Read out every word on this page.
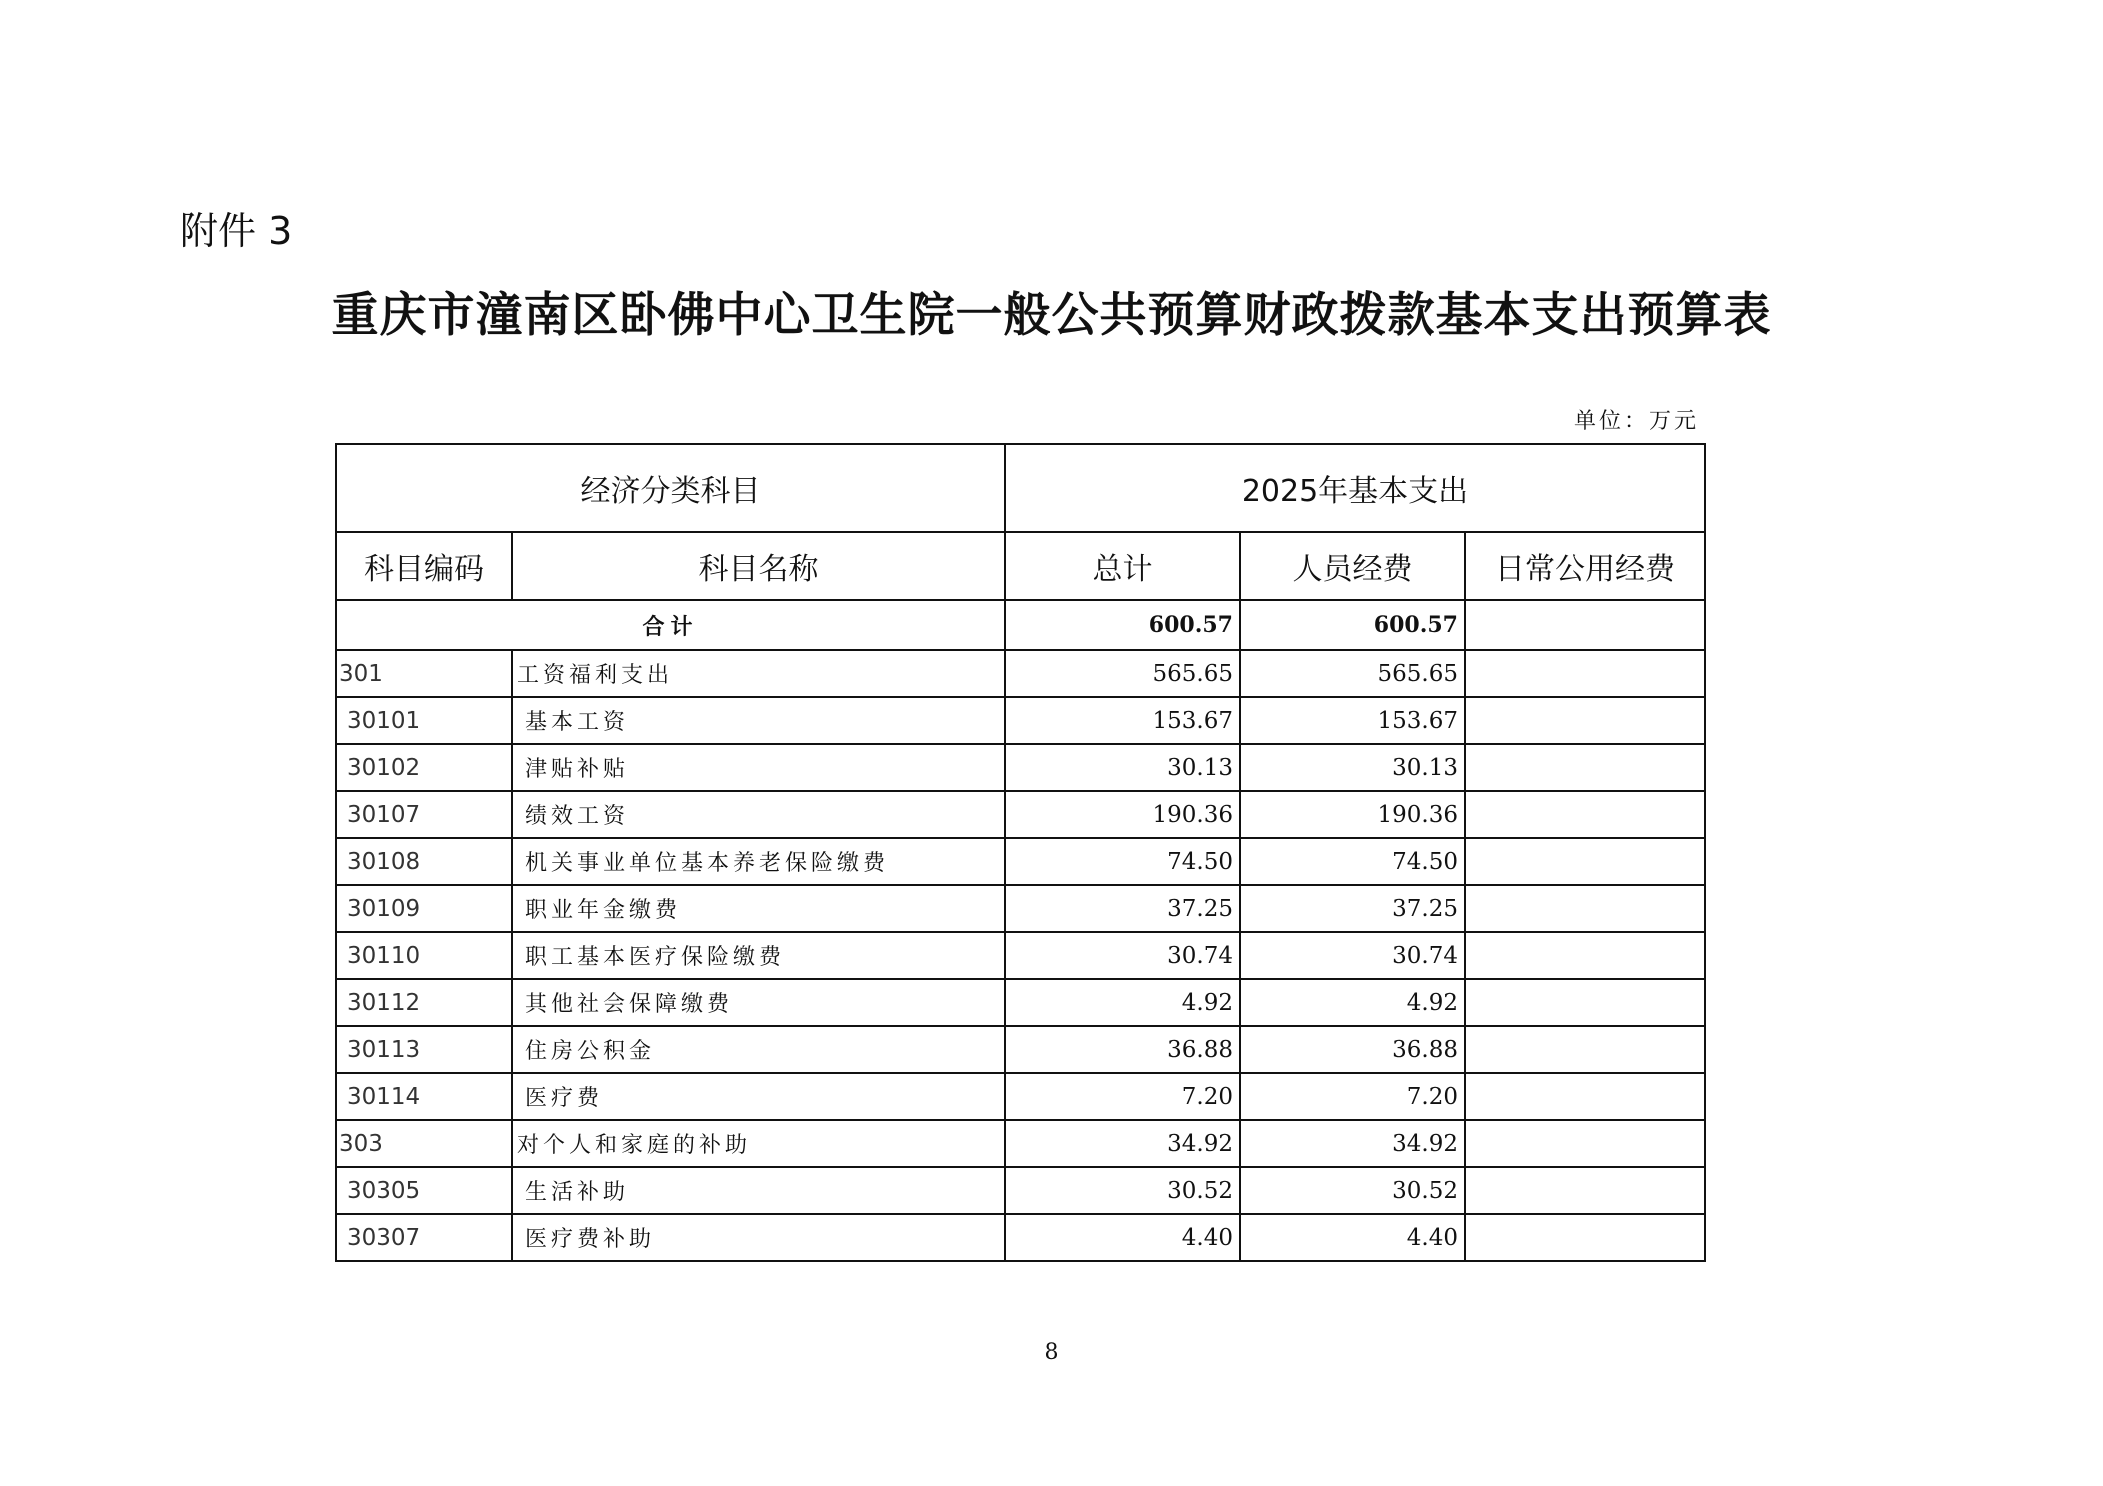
附件 3
重庆市潼南区卧佛中心卫生院一般公共预算财政拨款基本支出预算表
单位：万元
经济分类科目		2025年基本支出		
科目编码	科目名称	总计	人员经费	日常公用经费
合计		600.57	600.57	
301	工资福利支出	565.65	565.65	
30101	基本工资	153.67	153.67	
30102	津贴补贴	30.13	30.13	
30107	绩效工资	190.36	190.36	
30108	机关事业单位基本养老保险缴费	74.50	74.50	
30109	职业年金缴费	37.25	37.25	
30110	职工基本医疗保险缴费	30.74	30.74	
30112	其他社会保障缴费	4.92	4.92	
30113	住房公积金	36.88	36.88	
30114	医疗费	7.20	7.20	
303	对个人和家庭的补助	34.92	34.92	
30305	生活补助	30.52	30.52	
30307	医疗费补助	4.40	4.40	
8
